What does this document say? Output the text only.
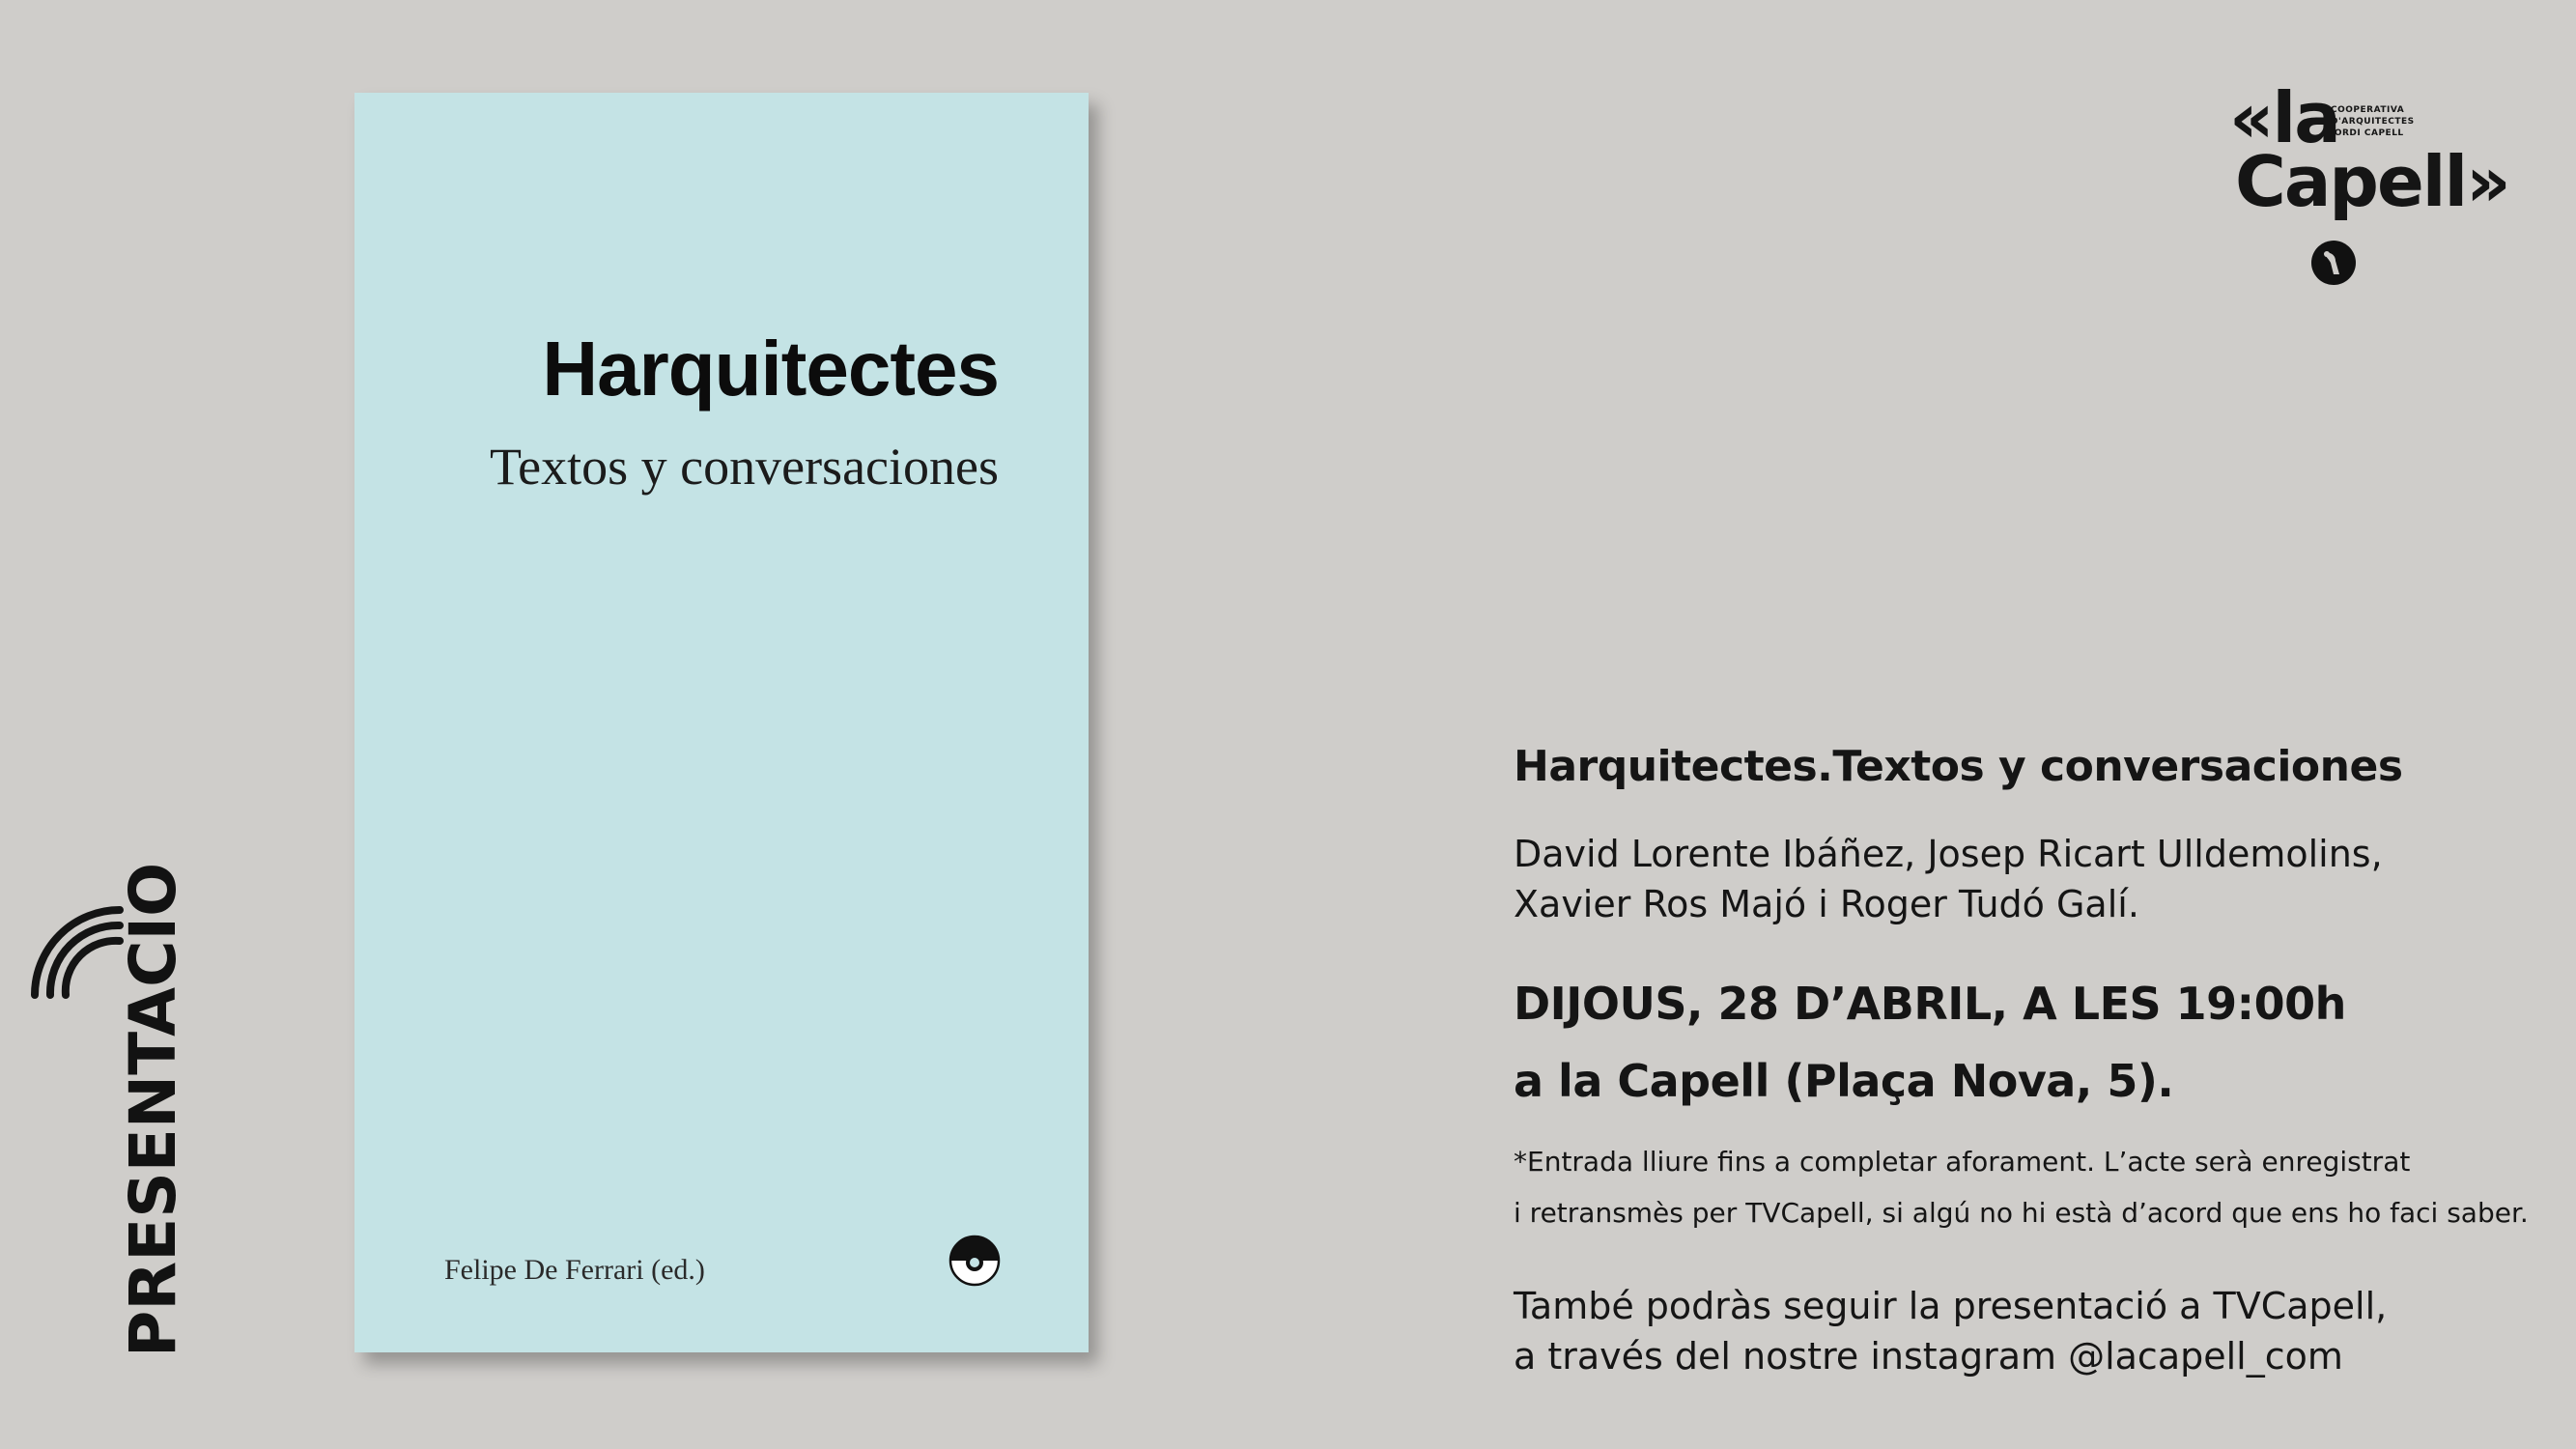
Harquitectes
Textos y conversaciones
Felipe De Ferrari (ed.)
PRESENTACIO
«la
COOPERATIVA
D'ARQUITECTES
JORDI CAPELL
Capell»
Harquitectes.Textos y conversaciones
David Lorente Ibáñez, Josep Ricart Ulldemolins,
Xavier Ros Majó i Roger Tudó Galí.
DIJOUS, 28 D’ABRIL, A LES 19:00h
a la Capell (Plaça Nova, 5).
*Entrada lliure fins a completar aforament. L’acte serà enregistrat
i retransmès per TVCapell, si algú no hi està d’acord que ens ho faci saber.
També podràs seguir la presentació a TVCapell,
a través del nostre instagram @lacapell_com
